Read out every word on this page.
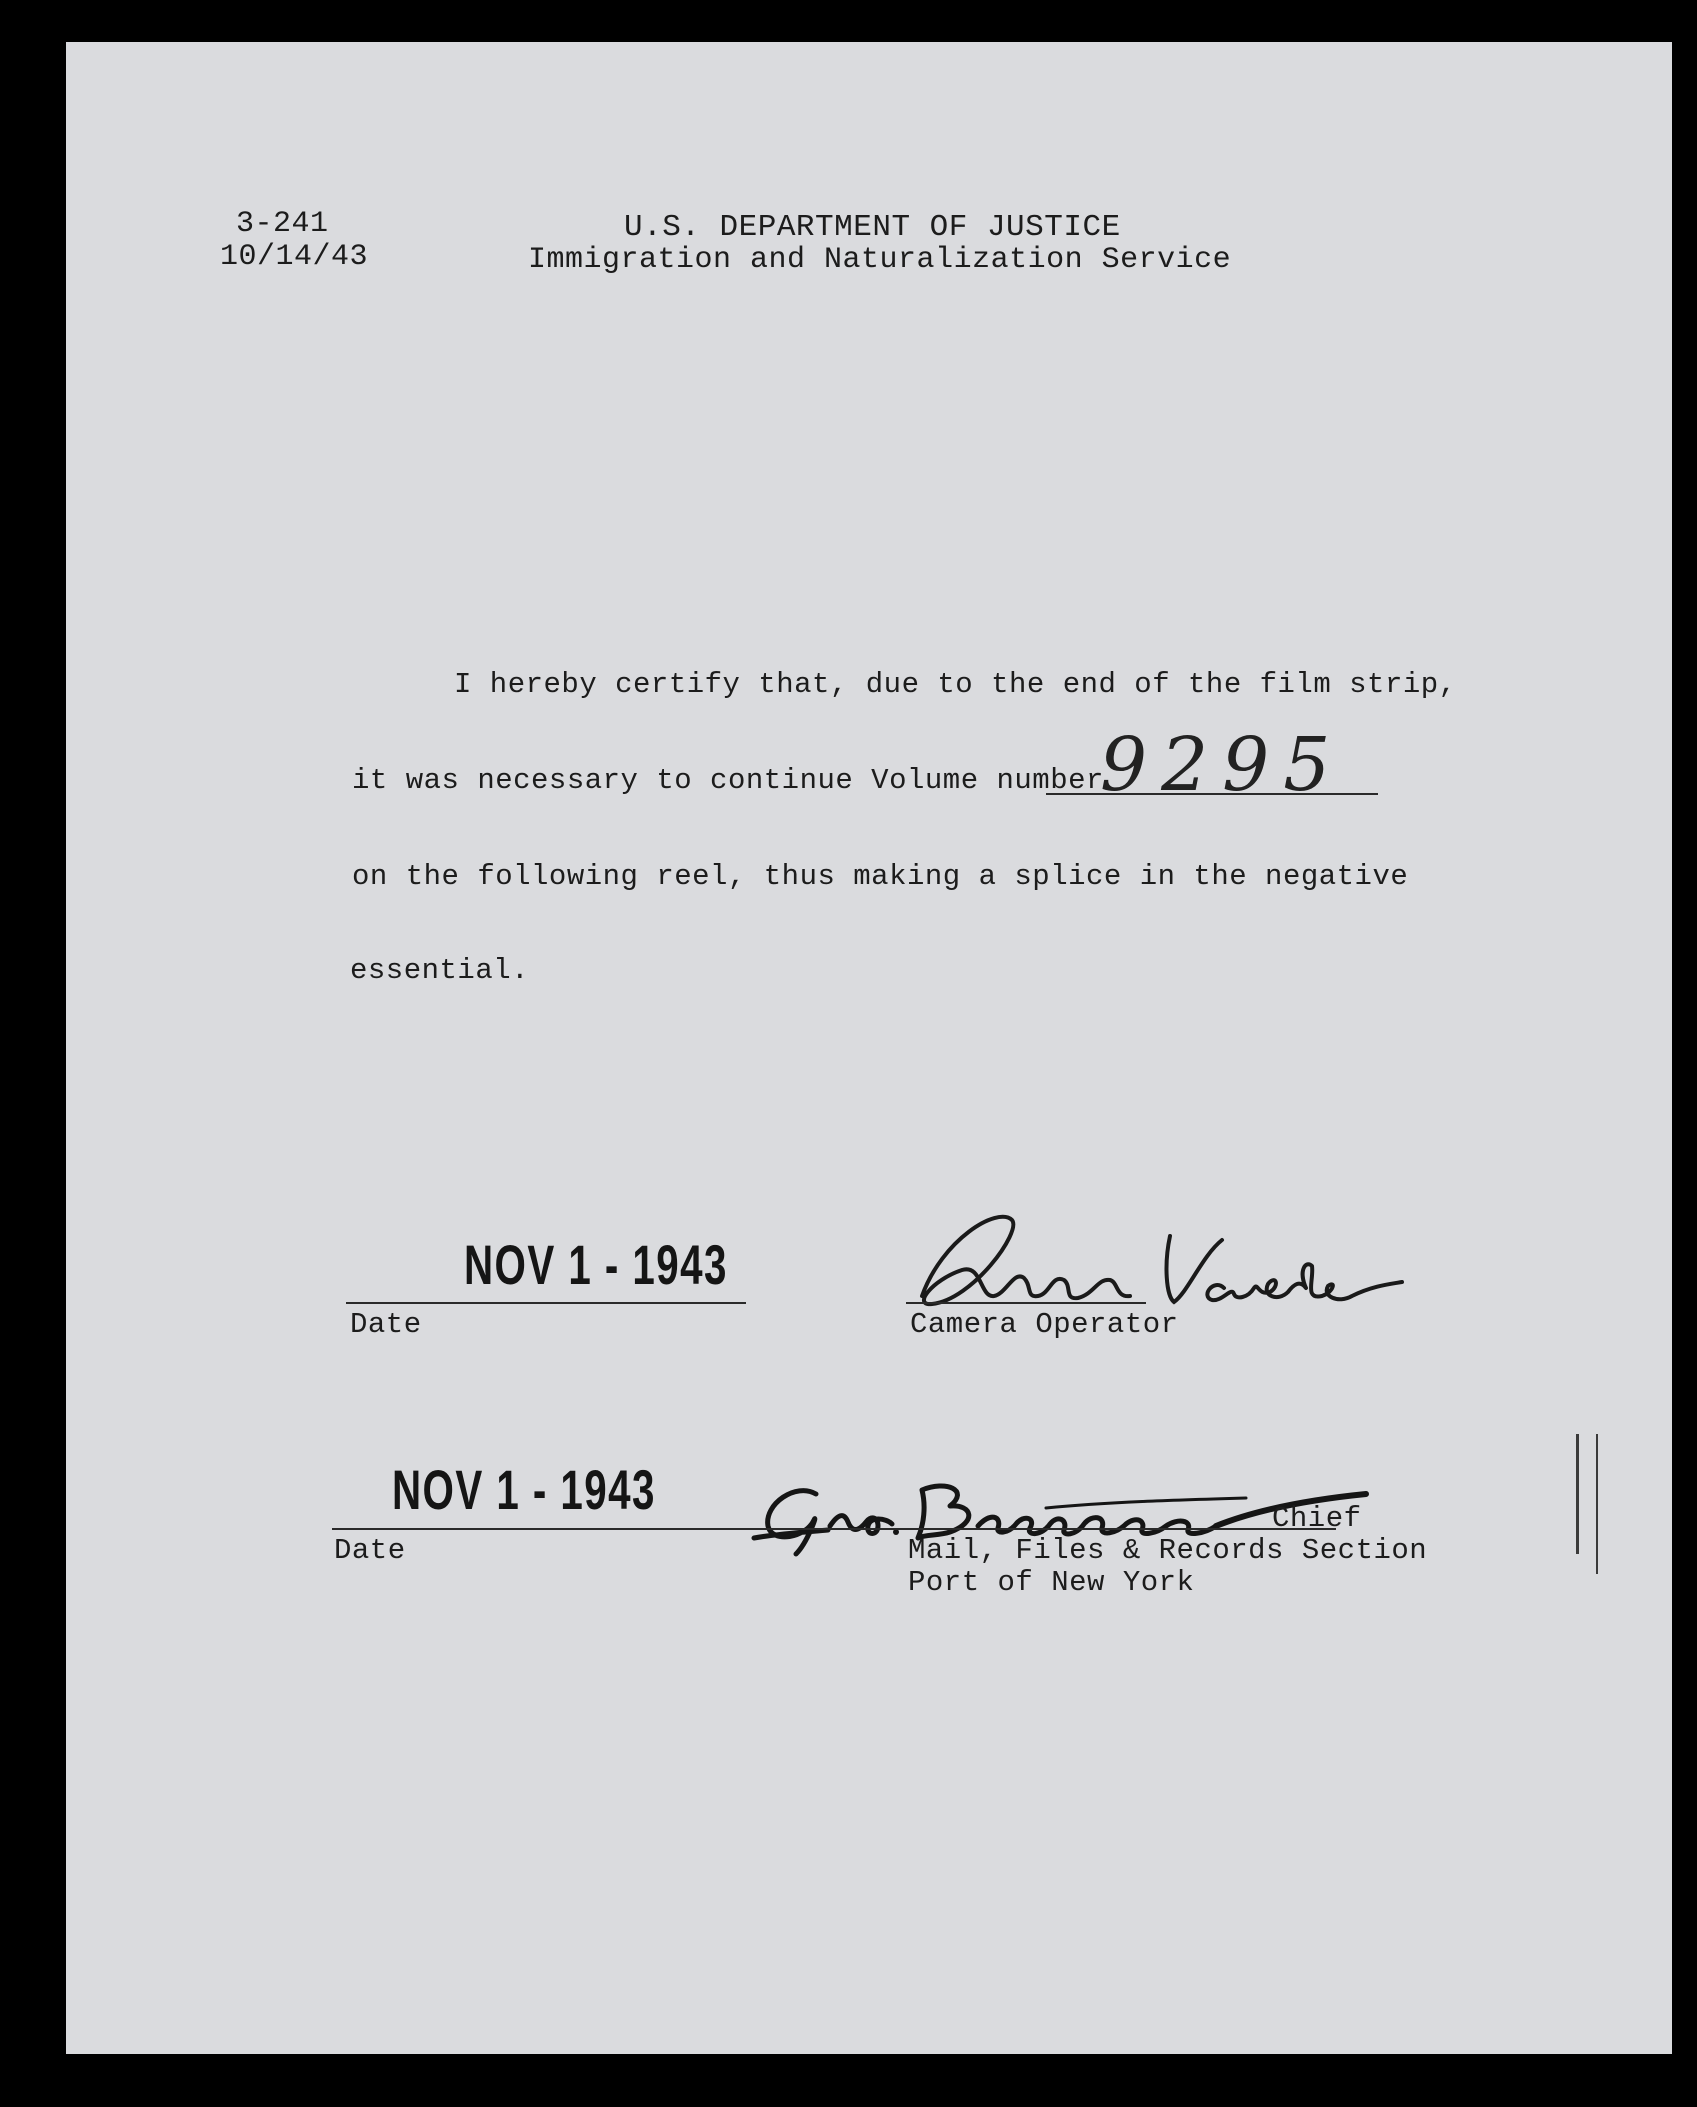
3-241
10/14/43
U.S. DEPARTMENT OF JUSTICE
Immigration and Naturalization Service
I hereby certify that, due to the end of the film strip,
it was necessary to continue Volume number
9295
on the following reel, thus making a splice in the negative
essential.
NOV 1 - 1943
Date	Camera Operator
NOV 1 - 1943
Date
Chief
Mail, Files & Records Section
Port of New York
